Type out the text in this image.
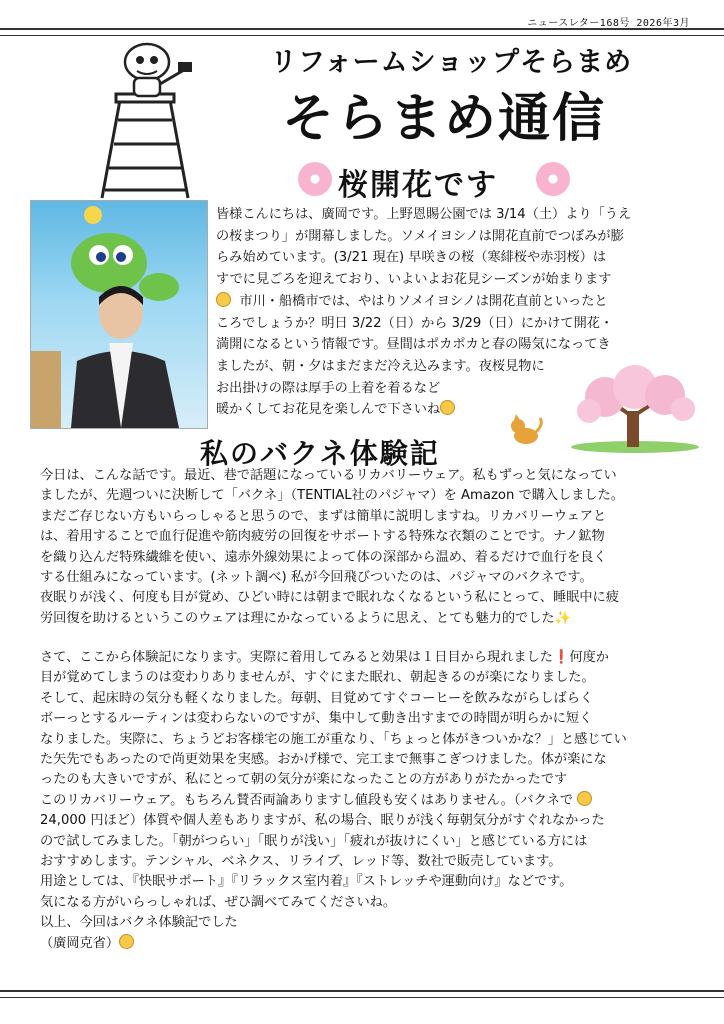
ニュースレター168号 2026年3月
リフォームショップそらまめ
そらまめ通信
桜開花です

皆様こんにちは、廣岡です。上野恩賜公園では 3/14（土）より「うえ

の桜まつり」が開幕しました。ソメイヨシノは開花直前でつぼみが膨

らみ始めています。(3/21 現在) 早咲きの桜（寒緋桜や赤羽桜）は

すでに見ごろを迎えており、いよいよお花見シーズンが始まります

市川・船橋市では、やはりソメイヨシノは開花直前といったと

ころでしょうか？明日 3/22（日）から 3/29（日）にかけて開花・

満開になるという情報です。昼間はポカポカと春の陽気になってき

ましたが、朝・夕はまだまだ冷え込みます。夜桜見物に

お出掛けの際は厚手の上着を着るなど

暖かくしてお花見を楽しんで下さいね

私のバクネ体験記

今日は、こんな話です。最近、巷で話題になっているリカバリーウェア。私もずっと気になってい

ましたが、先週ついに決断して「バクネ」（TENTIAL社のパジャマ）を Amazon で購入しました。

まだご存じない方もいらっしゃると思うので、まずは簡単に説明しますね。リカバリーウェアと

は、着用することで血行促進や筋肉疲労の回復をサポートする特殊な衣類のことです。ナノ鉱物

を織り込んだ特殊繊維を使い、遠赤外線効果によって体の深部から温め、着るだけで血行を良く

する仕組みになっています。(ネット調べ) 私が今回飛びついたのは、パジャマのバクネです。

夜眠りが浅く、何度も目が覚め、ひどい時には朝まで眠れなくなるという私にとって、睡眠中に疲

労回復を助けるというこのウェアは理にかなっているように思え、とても魅力的でした✨

さて、ここから体験記になります。実際に着用してみると効果は１日目から現れました❗何度か

目が覚めてしまうのは変わりありませんが、すぐにまた眠れ、朝起きるのが楽になりました。

そして、起床時の気分も軽くなりました。毎朝、目覚めてすぐコーヒーを飲みながらしばらく

ボーっとするルーティンは変わらないのですが、集中して動き出すまでの時間が明らかに短く

なりました。実際に、ちょうどお客様宅の施工が重なり、「ちょっと体がきついかな？」と感じてい

た矢先でもあったので尚更効果を実感。おかげ様で、完工まで無事こぎつけました。体が楽にな

ったのも大きいですが、私にとって朝の気分が楽になったことの方がありがたかったです

このリカバリーウェア。もちろん賛否両論ありますし値段も安くはありません。（バクネで

24,000 円ほど）体質や個人差もありますが、私の場合、眠りが浅く毎朝気分がすぐれなかった

ので試してみました。「朝がつらい」「眠りが浅い」「疲れが抜けにくい」と感じている方には

おすすめします。テンシャル、ベネクス、リライブ、レッド等、数社で販売しています。

用途としては、『快眠サポート』『リラックス室内着』『ストレッチや運動向け』などです。

気になる方がいらっしゃれば、ぜひ調べてみてくださいね。

以上、今回はバクネ体験記でした

（廣岡克省）
